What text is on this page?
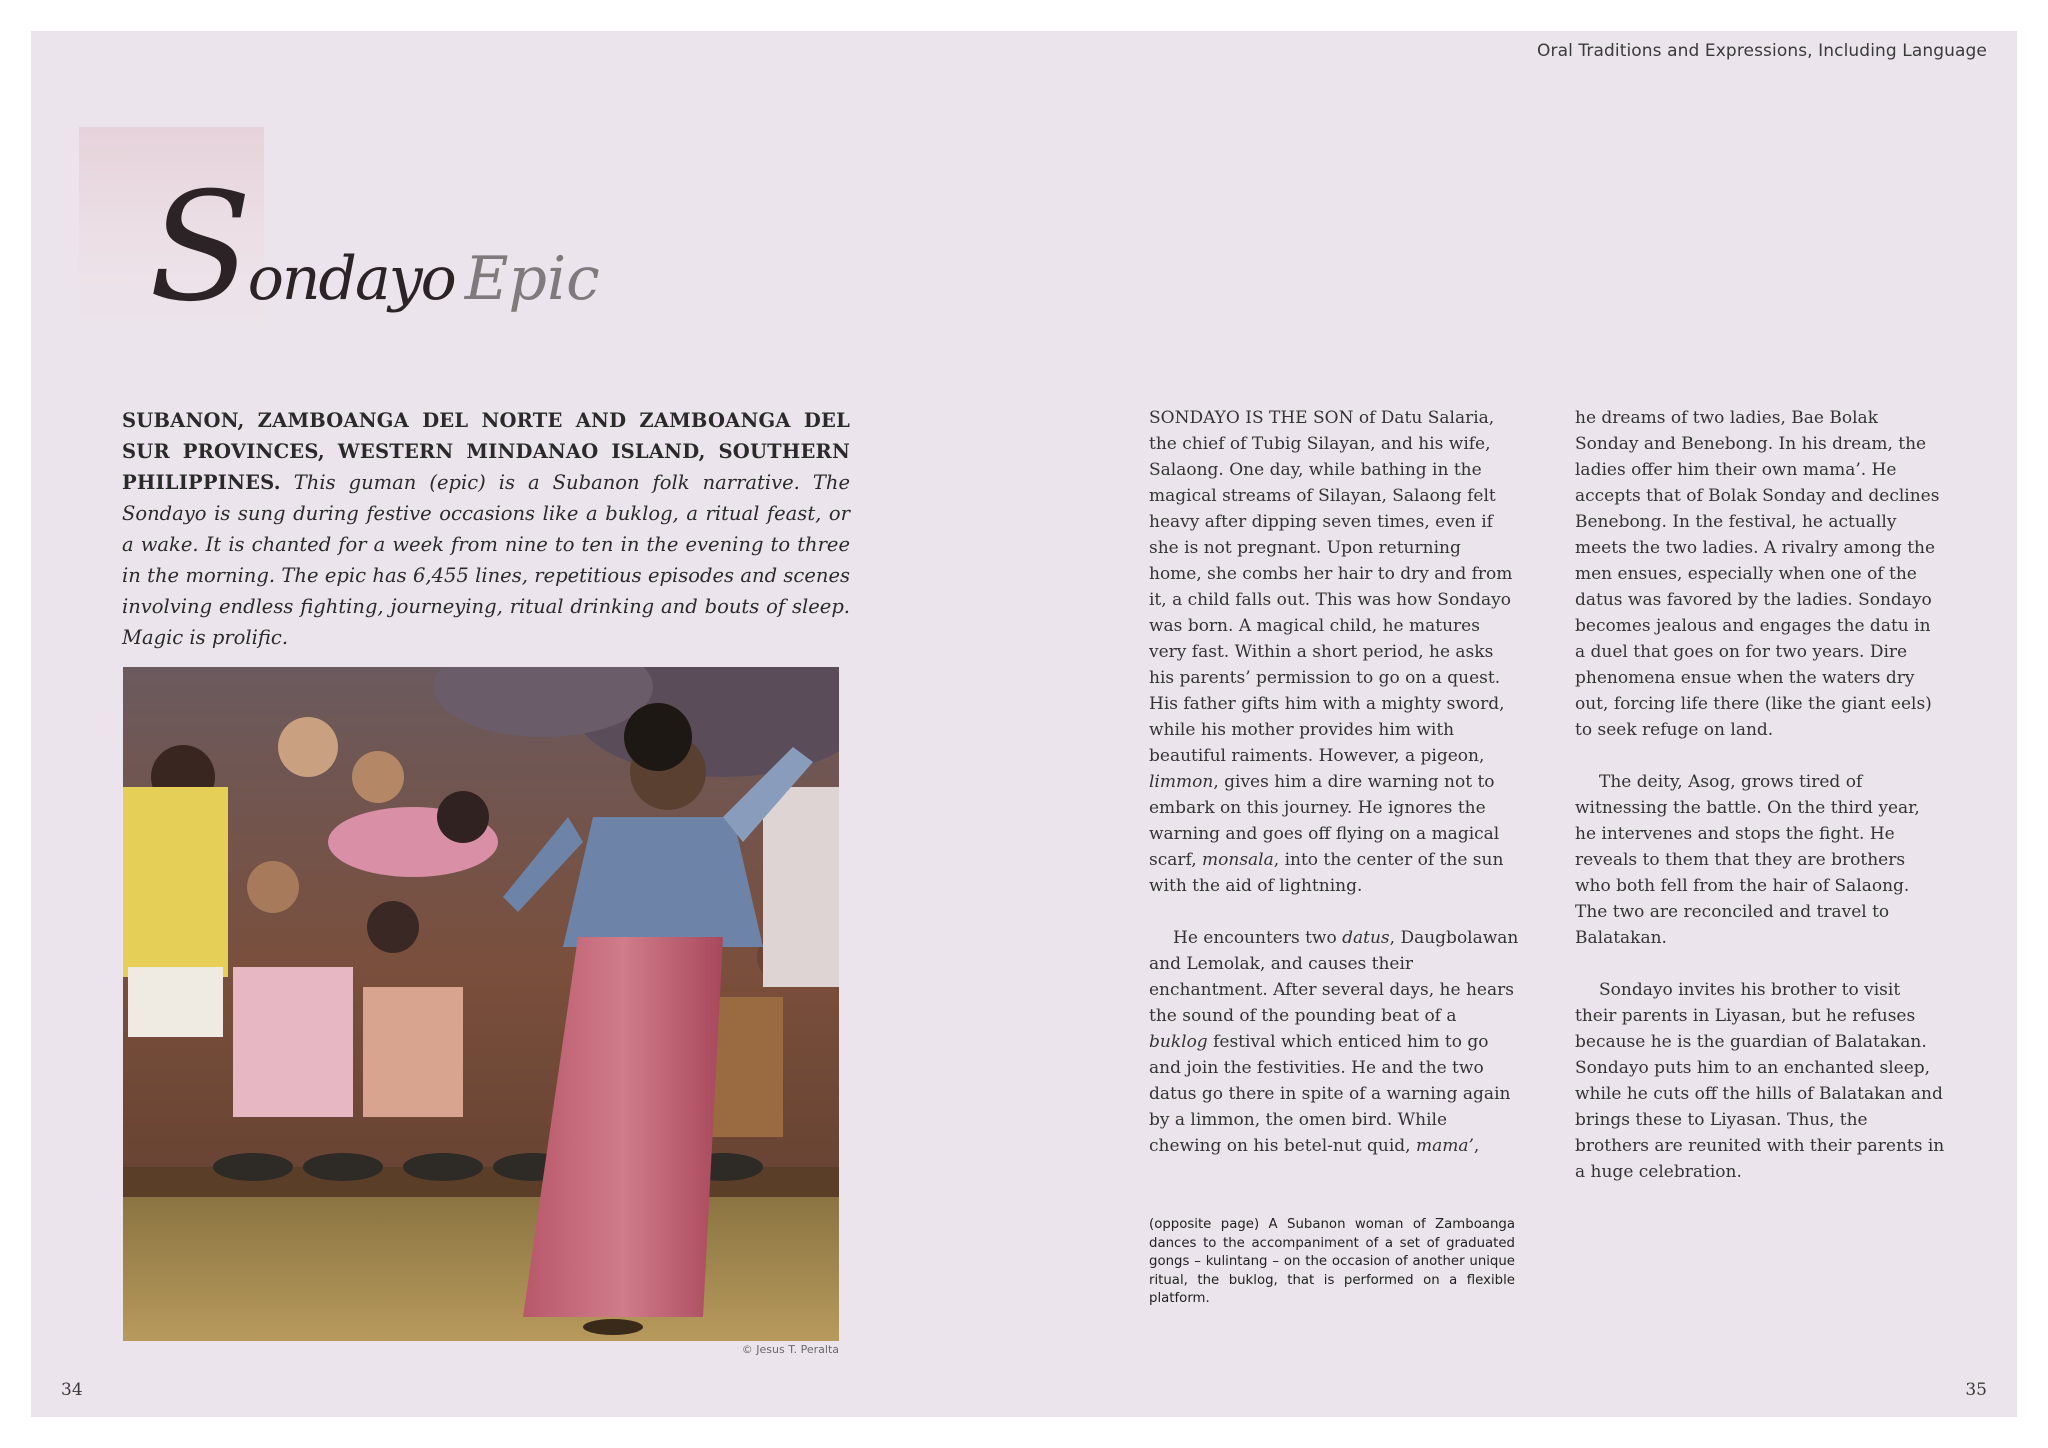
Oral Traditions and Expressions, Including Language
Sondayo Epic
SUBANON, ZAMBOANGA DEL NORTE AND ZAMBOANGA DEL SUR PROVINCES, WESTERN MINDANAO ISLAND, SOUTHERN PHILIPPINES. This guman (epic) is a Subanon folk narrative. The Sondayo is sung during festive occasions like a buklog, a ritual feast, or a wake. It is chanted for a week from nine to ten in the evening to three in the morning. The epic has 6,455 lines, repetitious episodes and scenes involving endless fighting, journeying, ritual drinking and bouts of sleep. Magic is prolific.
© Jesus T. Peralta

SONDAYO IS THE SON of Datu Salaria, the chief of Tubig Silayan, and his wife, Salaong. One day, while bathing in the magical streams of Silayan, Salaong felt heavy after dipping seven times, even if she is not pregnant. Upon returning home, she combs her hair to dry and from it, a child falls out. This was how Sondayo was born. A magical child, he matures very fast. Within a short period, he asks his parents’ permission to go on a quest. His father gifts him with a mighty sword, while his mother provides him with beautiful raiments. However, a pigeon, limmon, gives him a dire warning not to embark on this journey. He ignores the warning and goes off flying on a magical scarf, monsala, into the center of the sun with the aid of lightning.

He encounters two datus, Daugbolawan and Lemolak, and causes their enchantment. After several days, he hears the sound of the pounding beat of a buklog festival which enticed him to go and join the festivities. He and the two datus go there in spite of a warning again by a limmon, the omen bird. While chewing on his betel-nut quid, mama’,

he dreams of two ladies, Bae Bolak Sonday and Benebong. In his dream, the ladies offer him their own mama’. He accepts that of Bolak Sonday and declines Benebong. In the festival, he actually meets the two ladies. A rivalry among the men ensues, especially when one of the datus was favored by the ladies. Sondayo becomes jealous and engages the datu in a duel that goes on for two years. Dire phenomena ensue when the waters dry out, forcing life there (like the giant eels) to seek refuge on land.

The deity, Asog, grows tired of witnessing the battle. On the third year, he intervenes and stops the fight. He reveals to them that they are brothers who both fell from the hair of Salaong. The two are reconciled and travel to Balatakan.

Sondayo invites his brother to visit their parents in Liyasan, but he refuses because he is the guardian of Balatakan. Sondayo puts him to an enchanted sleep, while he cuts off the hills of Balatakan and brings these to Liyasan. Thus, the brothers are reunited with their parents in a huge celebration.

(opposite page) A Subanon woman of Zamboanga dances to the accompaniment of a set of graduated gongs – kulintang – on the occasion of another unique ritual, the buklog, that is performed on a flexible platform.
34	35
